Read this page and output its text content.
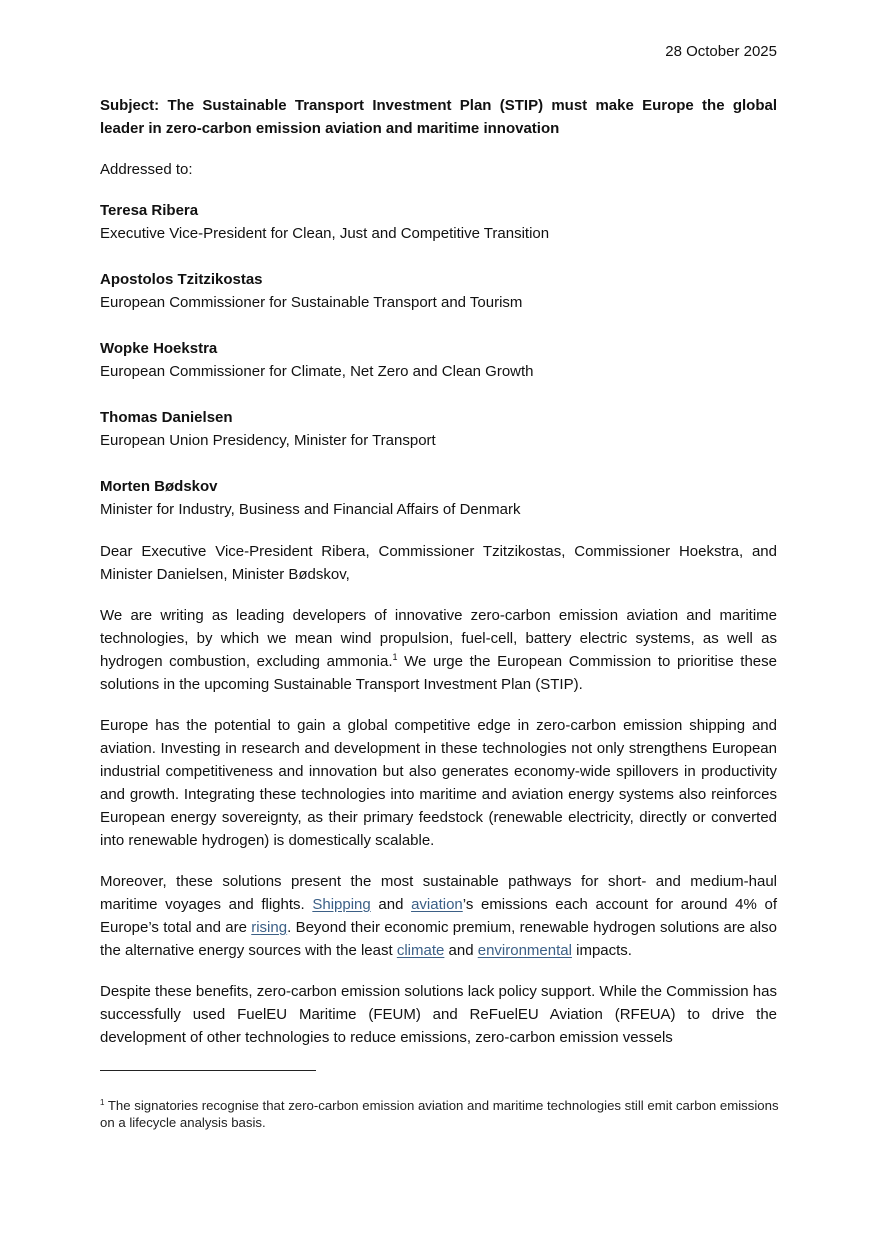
28 October 2025
Subject: The Sustainable Transport Investment Plan (STIP) must make Europe the global leader in zero-carbon emission aviation and maritime innovation
Addressed to:
Teresa Ribera
Executive Vice-President for Clean, Just and Competitive Transition
Apostolos Tzitzikostas
European Commissioner for Sustainable Transport and Tourism
Wopke Hoekstra
European Commissioner for Climate, Net Zero and Clean Growth
Thomas Danielsen
European Union Presidency, Minister for Transport
Morten Bødskov
Minister for Industry, Business and Financial Affairs of Denmark

Dear Executive Vice-President Ribera, Commissioner Tzitzikostas, Commissioner Hoekstra, and Minister Danielsen, Minister Bødskov,

We are writing as leading developers of innovative zero-carbon emission aviation and maritime technologies, by which we mean wind propulsion, fuel-cell, battery electric systems, as well as hydrogen combustion, excluding ammonia.$^1$ We urge the European Commission to prioritise these solutions in the upcoming Sustainable Transport Investment Plan (STIP).

Europe has the potential to gain a global competitive edge in zero-carbon emission shipping and aviation. Investing in research and development in these technologies not only strengthens European industrial competitiveness and innovation but also generates economy-wide spillovers in productivity and growth. Integrating these technologies into maritime and aviation energy systems also reinforces European energy sovereignty, as their primary feedstock (renewable electricity, directly or converted into renewable hydrogen) is domestically scalable.

Moreover, these solutions present the most sustainable pathways for short- and medium-haul maritime voyages and flights. Shipping and aviation’s emissions each account for around 4% of Europe’s total and are rising. Beyond their economic premium, renewable hydrogen solutions are also the alternative energy sources with the least climate and environmental impacts.

Despite these benefits, zero-carbon emission solutions lack policy support. While the Commission has successfully used FuelEU Maritime (FEUM) and ReFuelEU Aviation (RFEUA) to drive the development of other technologies to reduce emissions, zero-carbon emission vessels

$^1$ The signatories recognise that zero-carbon emission aviation and maritime technologies still emit carbon emissions on a lifecycle analysis basis.
